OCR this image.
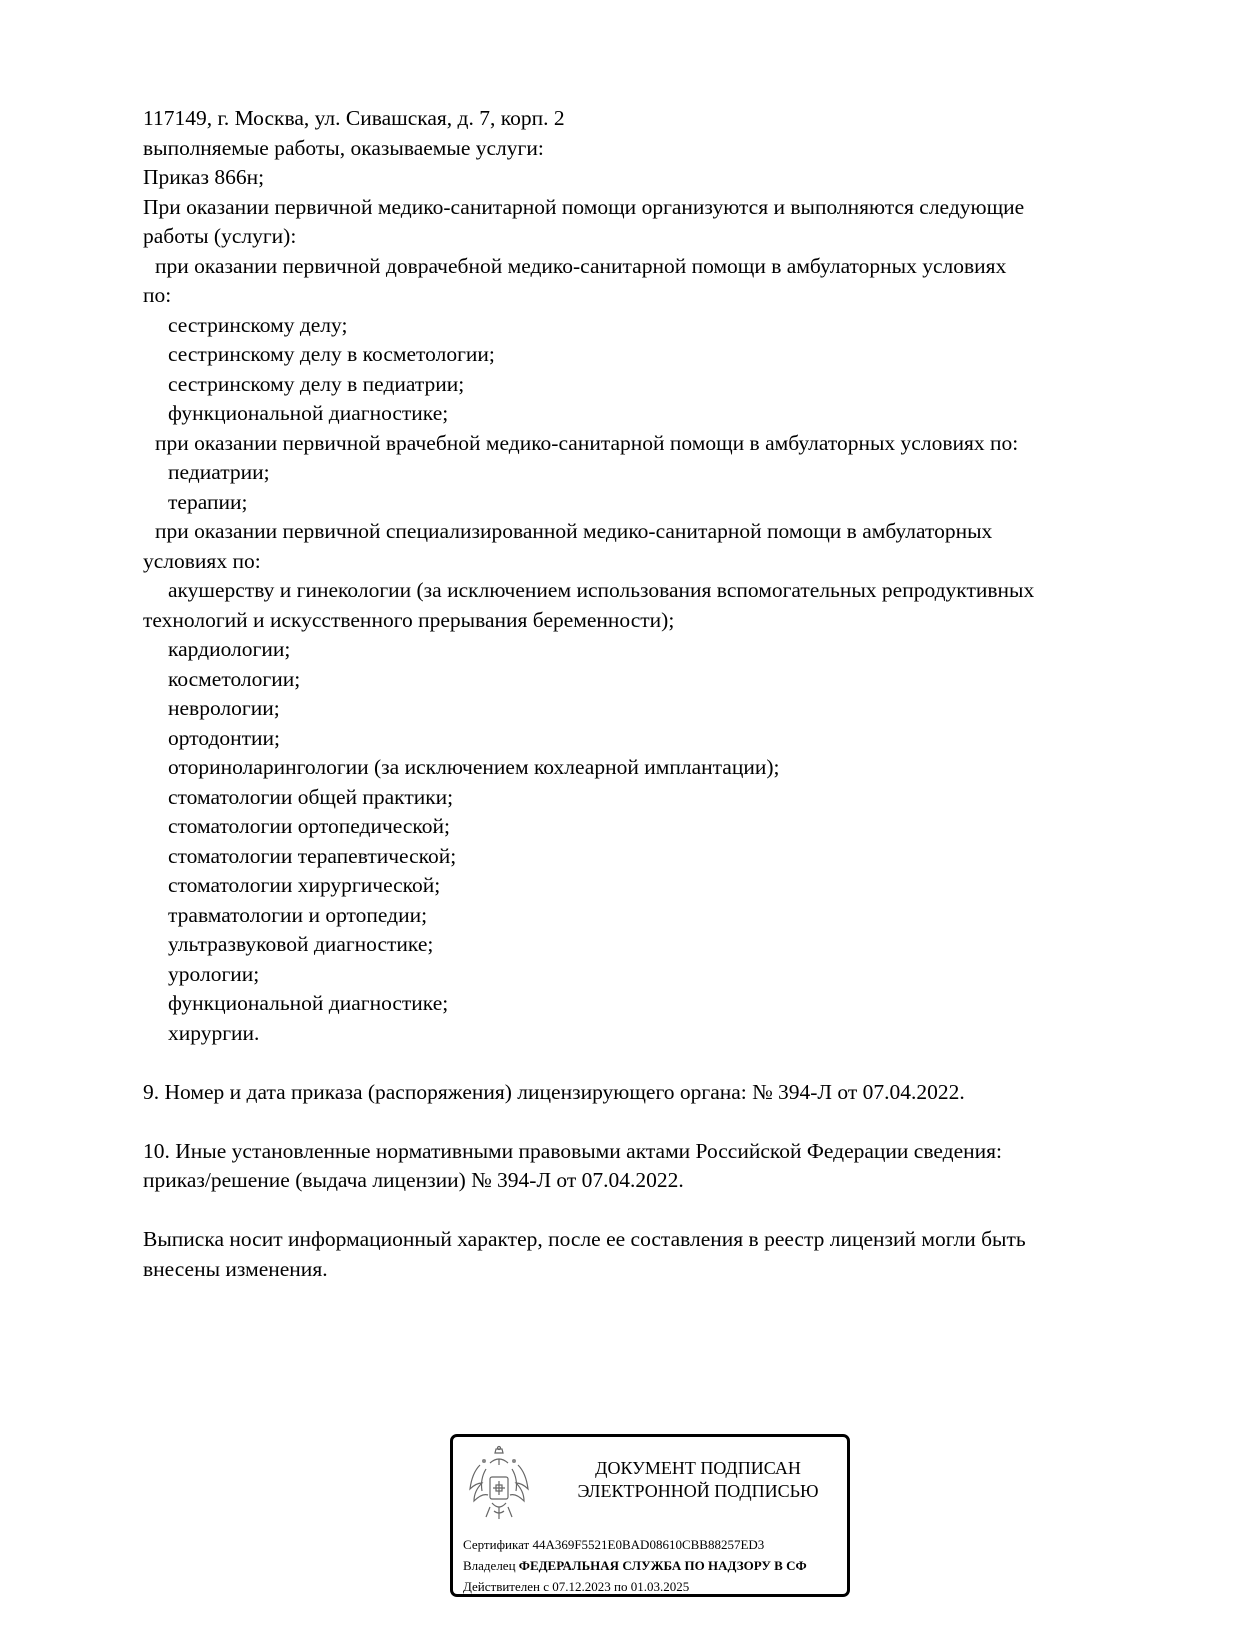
117149, г. Москва, ул. Сивашская, д. 7, корп. 2
выполняемые работы, оказываемые услуги:
Приказ 866н;
При оказании первичной медико-санитарной помощи организуются и выполняются следующие
работы (услуги):
при оказании первичной доврачебной медико-санитарной помощи в амбулаторных условиях
по:
сестринскому делу;
сестринскому делу в косметологии;
сестринскому делу в педиатрии;
функциональной диагностике;
при оказании первичной врачебной медико-санитарной помощи в амбулаторных условиях по:
педиатрии;
терапии;
при оказании первичной специализированной медико-санитарной помощи в амбулаторных
условиях по:
акушерству и гинекологии (за исключением использования вспомогательных репродуктивных
технологий и искусственного прерывания беременности);
кардиологии;
косметологии;
неврологии;
ортодонтии;
оториноларингологии (за исключением кохлеарной имплантации);
стоматологии общей практики;
стоматологии ортопедической;
стоматологии терапевтической;
стоматологии хирургической;
травматологии и ортопедии;
ультразвуковой диагностике;
урологии;
функциональной диагностике;
хирургии.
9. Номер и дата приказа (распоряжения) лицензирующего органа: № 394-Л от 07.04.2022.
10. Иные установленные нормативными правовыми актами Российской Федерации сведения:
приказ/решение (выдача лицензии) № 394-Л от 07.04.2022.
Выписка носит информационный характер, после ее составления в реестр лицензий могли быть
внесены изменения.
ДОКУМЕНТ ПОДПИСАН
ЭЛЕКТРОННОЙ ПОДПИСЬЮ
Сертификат 44A369F5521E0BAD08610CBB88257ED3
Владелец ФЕДЕРАЛЬНАЯ СЛУЖБА ПО НАДЗОРУ В СФ
Действителен с 07.12.2023 по 01.03.2025
